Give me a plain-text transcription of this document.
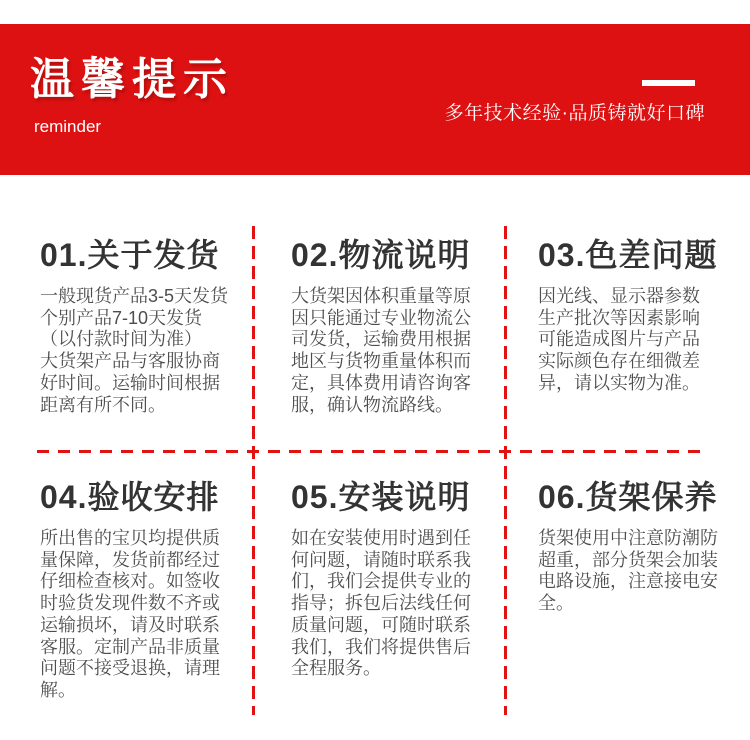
温馨提示
reminder
多年技术经验·品质铸就好口碑
01.关于发货
一般现货产品3-5天发货
个别产品7-10天发货
（以付款时间为准）
大货架产品与客服协商
好时间。运输时间根据
距离有所不同。
02.物流说明
大货架因体积重量等原
因只能通过专业物流公
司发货，运输费用根据
地区与货物重量体积而
定，具体费用请咨询客
服，确认物流路线。
03.色差问题
因光线、显示器参数
生产批次等因素影响
可能造成图片与产品
实际颜色存在细微差
异，请以实物为准。
04.验收安排
所出售的宝贝均提供质
量保障，发货前都经过
仔细检查核对。如签收
时验货发现件数不齐或
运输损坏，请及时联系
客服。定制产品非质量
问题不接受退换，请理
解。
05.安装说明
如在安装使用时遇到任
何问题，请随时联系我
们，我们会提供专业的
指导；拆包后法线任何
质量问题，可随时联系
我们，我们将提供售后
全程服务。
06.货架保养
货架使用中注意防潮防
超重，部分货架会加装
电路设施，注意接电安
全。
